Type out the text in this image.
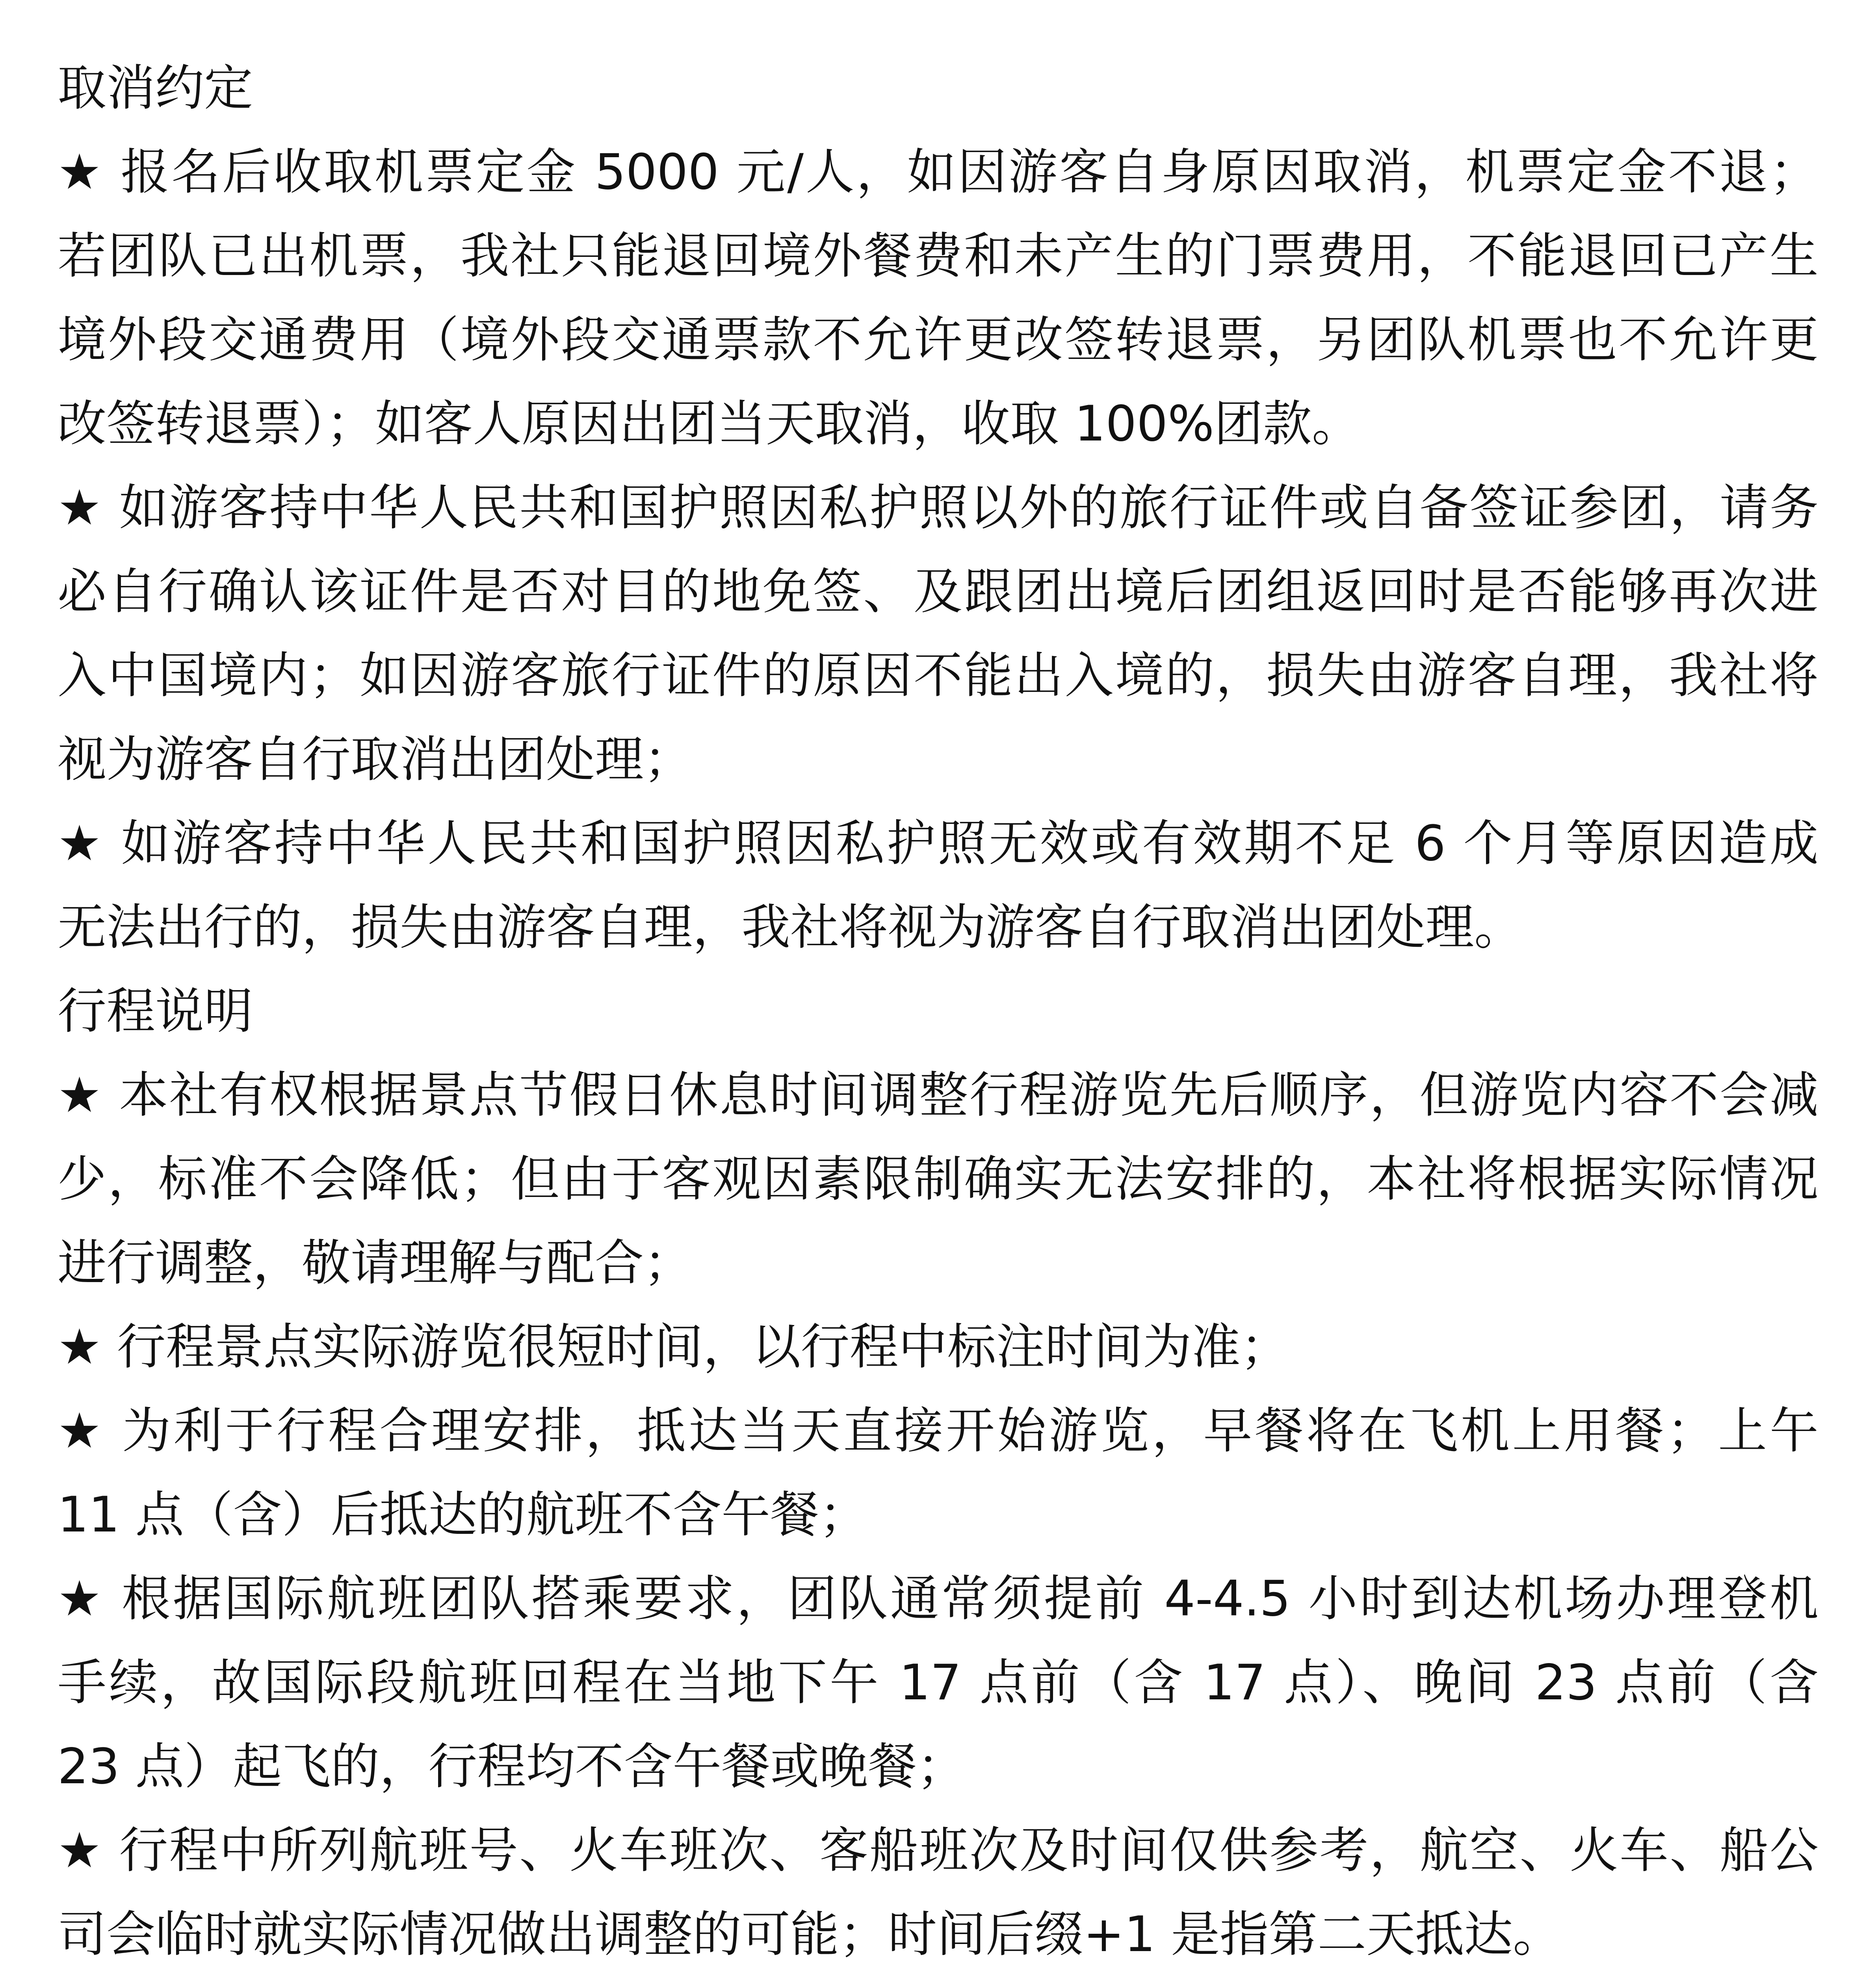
取消约定
★ 报名后收取机票定金 5000 元/人，如因游客自身原因取消，机票定金不退；
若团队已出机票，我社只能退回境外餐费和未产生的门票费用，不能退回已产生
境外段交通费用（境外段交通票款不允许更改签转退票，另团队机票也不允许更
改签转退票）；如客人原因出团当天取消，收取 100%团款。
★ 如游客持中华人民共和国护照因私护照以外的旅行证件或自备签证参团，请务
必自行确认该证件是否对目的地免签、及跟团出境后团组返回时是否能够再次进
入中国境内；如因游客旅行证件的原因不能出入境的，损失由游客自理，我社将
视为游客自行取消出团处理；
★ 如游客持中华人民共和国护照因私护照无效或有效期不足 6 个月等原因造成
无法出行的，损失由游客自理，我社将视为游客自行取消出团处理。
行程说明
★ 本社有权根据景点节假日休息时间调整行程游览先后顺序，但游览内容不会减
少，标准不会降低；但由于客观因素限制确实无法安排的，本社将根据实际情况
进行调整，敬请理解与配合；
★ 行程景点实际游览很短时间，以行程中标注时间为准；
★ 为利于行程合理安排，抵达当天直接开始游览，早餐将在飞机上用餐；上午
11 点（含）后抵达的航班不含午餐；
★ 根据国际航班团队搭乘要求，团队通常须提前 4-4.5 小时到达机场办理登机
手续，故国际段航班回程在当地下午 17 点前（含 17 点）、晚间 23 点前（含
23 点）起飞的，行程均不含午餐或晚餐；
★ 行程中所列航班号、火车班次、客船班次及时间仅供参考，航空、火车、船公
司会临时就实际情况做出调整的可能；时间后缀+1 是指第二天抵达。
